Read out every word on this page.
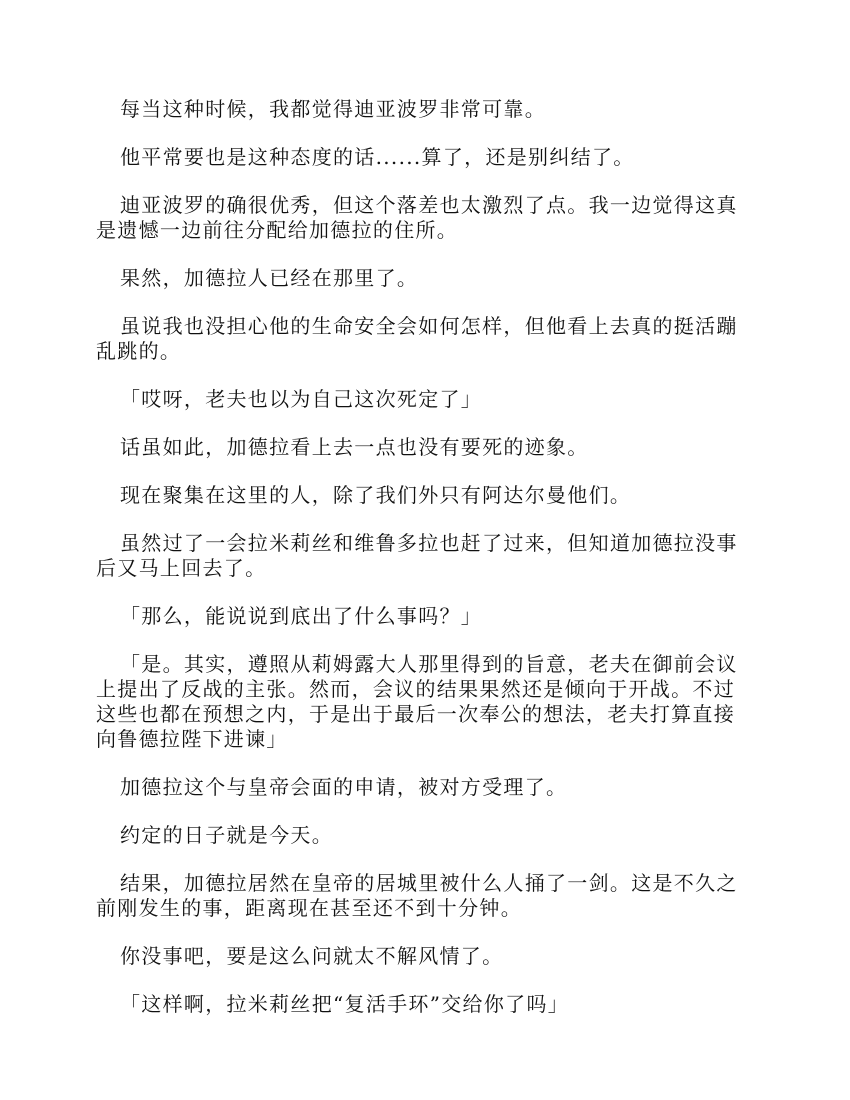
每当这种时候，我都觉得迪亚波罗非常可靠。

他平常要也是这种态度的话......算了，还是别纠结了。

迪亚波罗的确很优秀，但这个落差也太激烈了点。我一边觉得这真是遗憾一边前往分配给加德拉的住所。

果然，加德拉人已经在那里了。

虽说我也没担心他的生命安全会如何怎样，但他看上去真的挺活蹦乱跳的。

「哎呀，老夫也以为自己这次死定了」

话虽如此，加德拉看上去一点也没有要死的迹象。

现在聚集在这里的人，除了我们外只有阿达尔曼他们。

虽然过了一会拉米莉丝和维鲁多拉也赶了过来，但知道加德拉没事后又马上回去了。

「那么，能说说到底出了什么事吗？」

「是。其实，遵照从莉姆露大人那里得到的旨意，老夫在御前会议上提出了反战的主张。然而，会议的结果果然还是倾向于开战。不过这些也都在预想之内，于是出于最后一次奉公的想法，老夫打算直接向鲁德拉陛下进谏」

加德拉这个与皇帝会面的申请，被对方受理了。

约定的日子就是今天。

结果，加德拉居然在皇帝的居城里被什么人捅了一剑。这是不久之前刚发生的事，距离现在甚至还不到十分钟。

你没事吧，要是这么问就太不解风情了。

「这样啊，拉米莉丝把“复活手环”交给你了吗」
